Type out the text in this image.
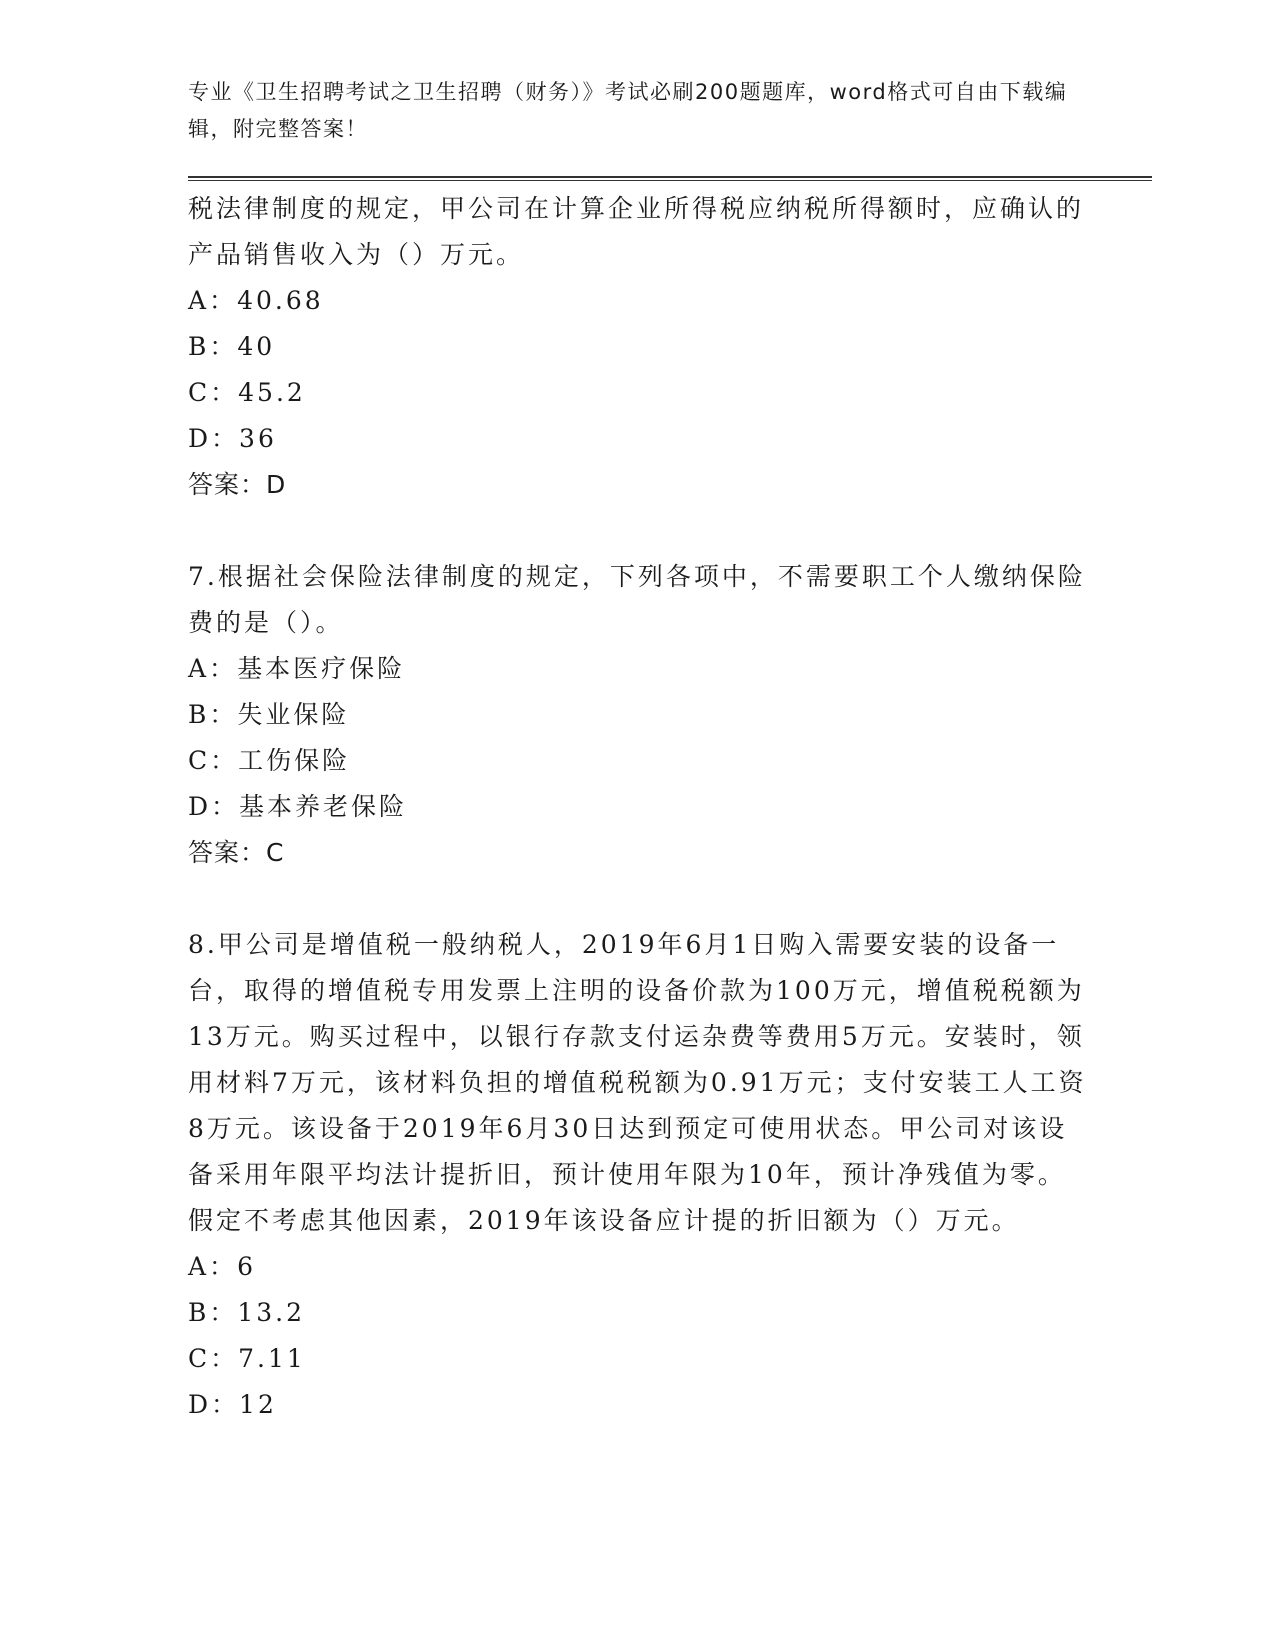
专业《卫生招聘考试之卫生招聘（财务）》考试必刷200题题库，word格式可自由下载编辑，附完整答案！

税法律制度的规定，甲公司在计算企业所得税应纳税所得额时，应确认的产品销售收入为（）万元。

A：40.68

B：40

C：45.2

D：36

答案：D

7.根据社会保险法律制度的规定，下列各项中，不需要职工个人缴纳保险费的是（）。

A：基本医疗保险

B：失业保险

C：工伤保险

D：基本养老保险

答案：C

8.甲公司是增值税一般纳税人，2019年6月1日购入需要安装的设备一台，取得的增值税专用发票上注明的设备价款为100万元，增值税税额为13万元。购买过程中，以银行存款支付运杂费等费用5万元。安装时，领用材料7万元，该材料负担的增值税税额为0.91万元；支付安装工人工资8万元。该设备于2019年6月30日达到预定可使用状态。甲公司对该设备采用年限平均法计提折旧，预计使用年限为10年，预计净残值为零。假定不考虑其他因素，2019年该设备应计提的折旧额为（）万元。

A：6

B：13.2

C：7.11

D：12
